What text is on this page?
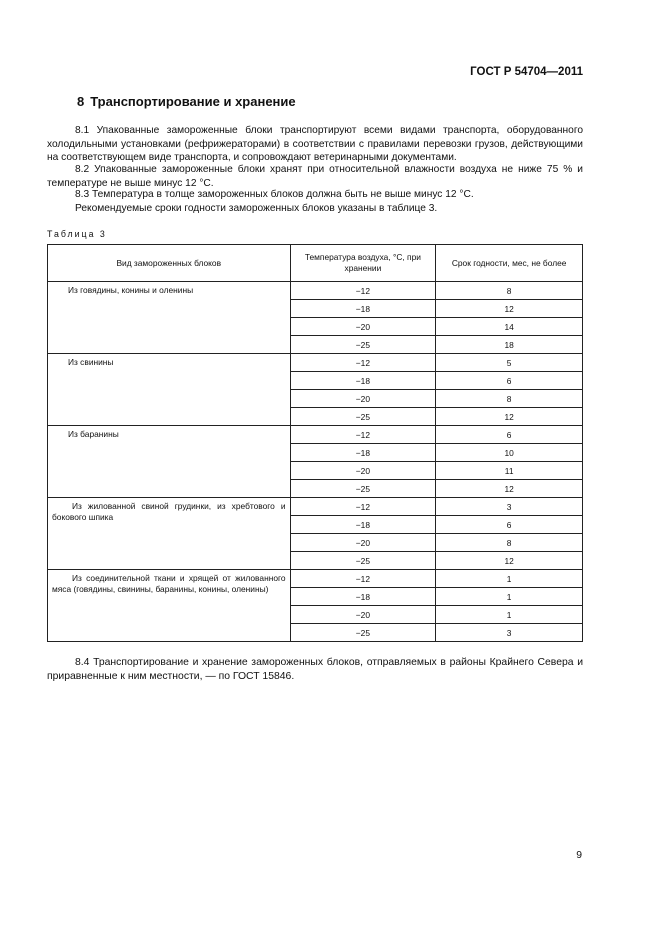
ГОСТ Р 54704—2011
8 Транспортирование и хранение

8.1 Упакованные замороженные блоки транспортируют всеми видами транспорта, оборудованного холодильными установками (рефрижераторами) в соответствии с правилами перевозки грузов, действующими на соответствующем виде транспорта, и сопровождают ветеринарными документами.

8.2 Упакованные замороженные блоки хранят при относительной влажности воздуха не ниже 75 % и температуре не выше минус 12 °С.

8.3 Температура в толще замороженных блоков должна быть не выше минус 12 °С.

Рекомендуемые сроки годности замороженных блоков указаны в таблице 3.

Таблица 3
Вид замороженных блоков	Температура воздуха, °С, при хранении	Срок годности, мес, не более
Из говядины, конины и оленины	−12	8
	−18	12
	−20	14
	−25	18
Из свинины	−12	5
	−18	6
	−20	8
	−25	12
Из баранины	−12	6
	−18	10
	−20	11
	−25	12
Из жилованной свиной грудинки, из хребтового и бокового шпика	−12	3
	−18	6
	−20	8
	−25	12
Из соединительной ткани и хрящей от жилованного мяса (говядины, свинины, баранины, конины, оленины)	−12	1
	−18	1
	−20	1
	−25	3

8.4 Транспортирование и хранение замороженных блоков, отправляемых в районы Крайнего Севера и приравненные к ним местности, — по ГОСТ 15846.

9
